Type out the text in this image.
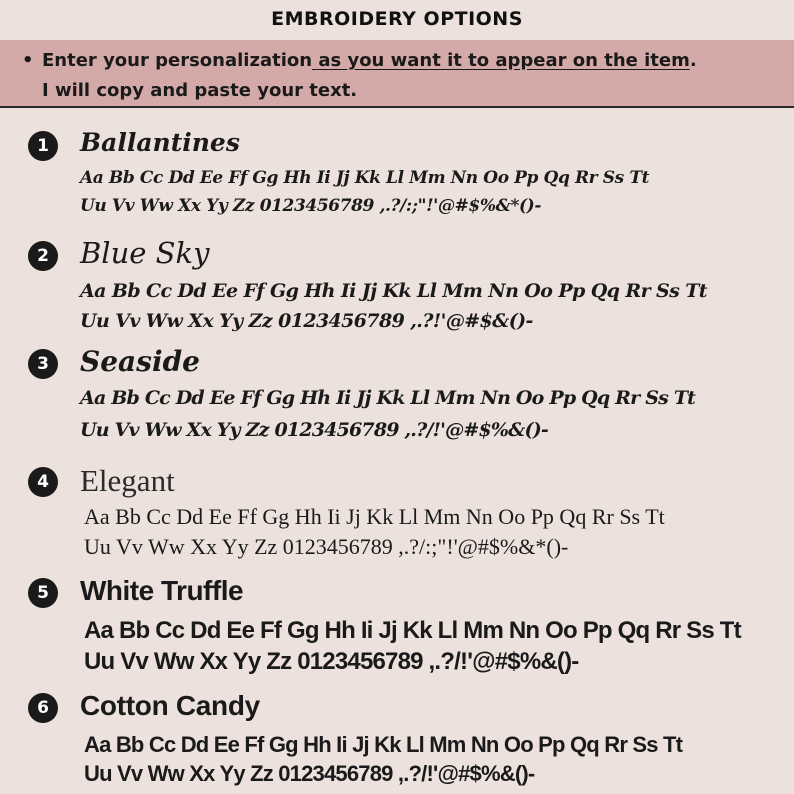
EMBROIDERY OPTIONS
• Enter your personalization as you want it to appear on the item.
I will copy and paste your text.
1	Ballantines
Aa Bb Cc Dd Ee Ff Gg Hh Ii Jj Kk Ll Mm Nn Oo Pp Qq Rr Ss Tt
Uu Vv Ww Xx Yy Zz 0123456789 ,.?/:;"!'@#$%&*()-
2	Blue Sky
Aa Bb Cc Dd Ee Ff Gg Hh Ii Jj Kk Ll Mm Nn Oo Pp Qq Rr Ss Tt
Uu Vv Ww Xx Yy Zz 0123456789 ,.?!'@#$&()-
3	Seaside
Aa Bb Cc Dd Ee Ff Gg Hh Ii Jj Kk Ll Mm Nn Oo Pp Qq Rr Ss Tt
Uu Vv Ww Xx Yy Zz 0123456789 ,.?/!'@#$%&()-
4 Elegant
Aa Bb Cc Dd Ee Ff Gg Hh Ii Jj Kk Ll Mm Nn Oo Pp Qq Rr Ss Tt
Uu Vv Ww Xx Yy Zz 0123456789 ,.?/:;"!'@#$%&*()-
5	White Truffle
Aa Bb Cc Dd Ee Ff Gg Hh Ii Jj Kk Ll Mm Nn Oo Pp Qq Rr Ss Tt
Uu Vv Ww Xx Yy Zz 0123456789 ,.?/!'@#$%&()-
6	Cotton Candy
Aa Bb Cc Dd Ee Ff Gg Hh Ii Jj Kk Ll Mm Nn Oo Pp Qq Rr Ss Tt
Uu Vv Ww Xx Yy Zz 0123456789 ,.?/!'@#$%&()-
